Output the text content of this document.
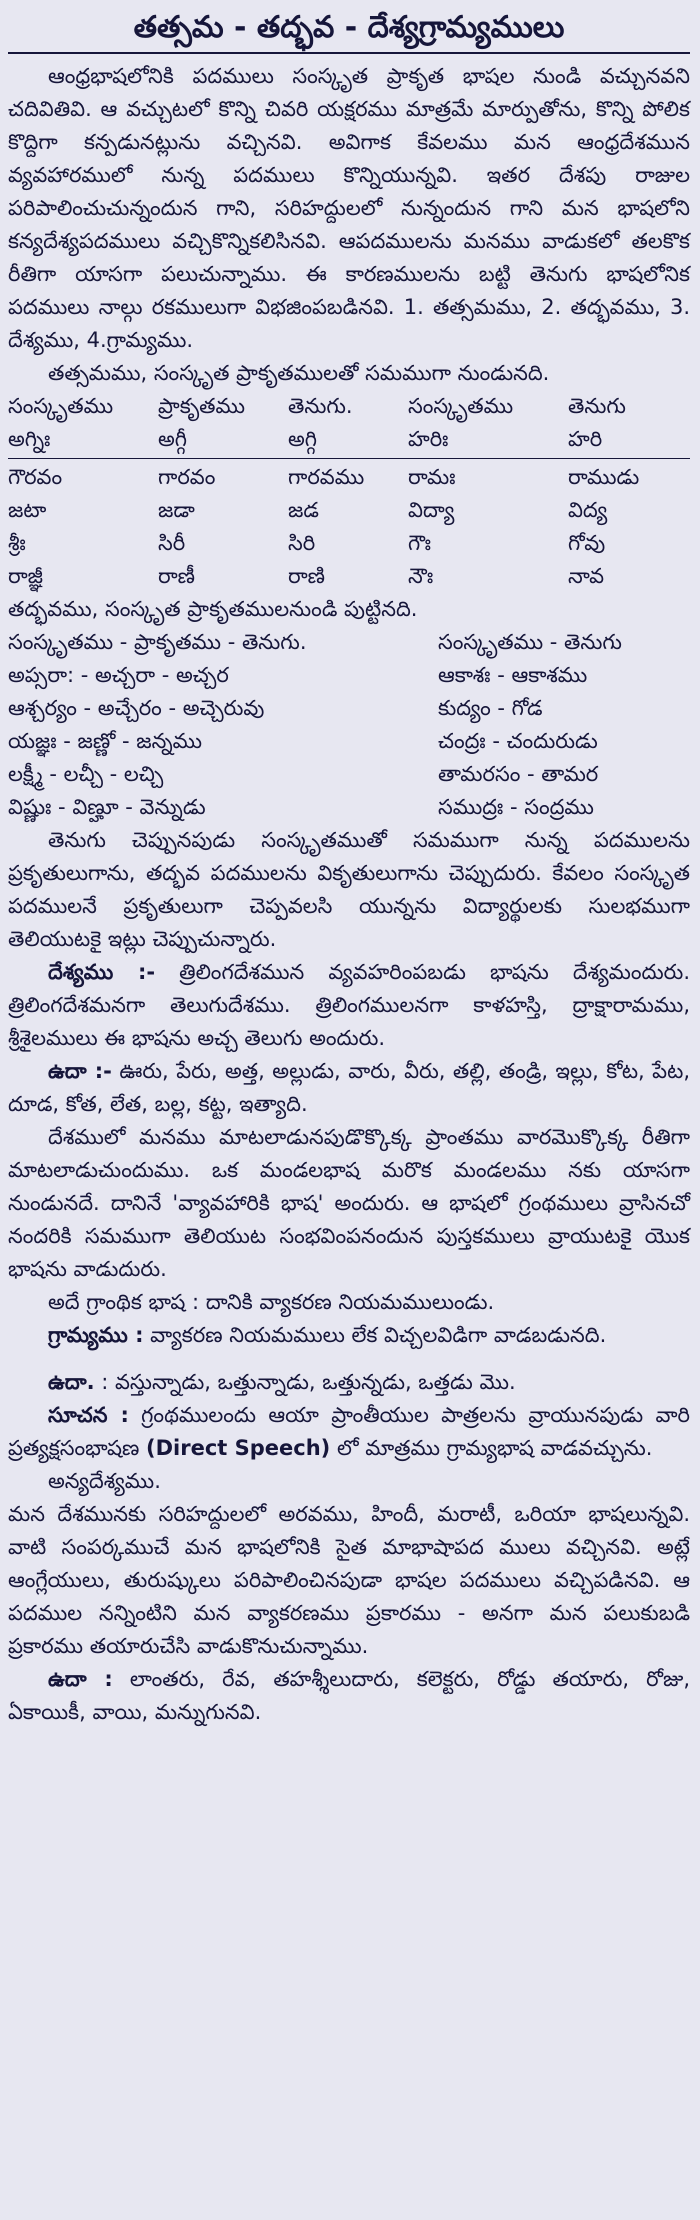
తత్సమ - తద్భవ - దేశ్యగ్రామ్యములు

ఆంధ్రభాషలోనికి పదములు సంస్కృత ప్రాకృత భాషల నుండి వచ్చునవని చదివితివి. ఆ వచ్చుటలో కొన్ని చివరి యక్షరము మాత్రమే మార్పుతోను, కొన్ని పోలిక కొద్దిగా కన్పడునట్లును వచ్చినవి. అవిగాక కేవలము మన ఆంధ్రదేశమున వ్యవహారములో నున్న పదములు కొన్నియున్నవి. ఇతర దేశపు రాజుల పరిపాలించుచున్నందున గాని, సరిహద్దులలో నున్నందున గాని మన భాషలోని కన్యదేశ్యపదములు వచ్చికొన్నికలిసినవి. ఆపదములను మనము వాడుకలో తలకొక రీతిగా యాసగా పలుచున్నాము. ఈ కారణములను బట్టి తెనుగు భాషలోనిక పదములు నాల్గు రకములుగా విభజింపబడినవి. 1. తత్సమము, 2. తద్భవము, 3. దేశ్యము, 4.గ్రామ్యము.

తత్సమము, సంస్కృత ప్రాకృతములతో సమముగా నుండునది.

సంస్కృతము	ప్రాకృతము	తెనుగు.	సంస్కృతము	తెనుగు
అగ్నిః	అగ్గీ	అగ్గి	హరిః	హరి
గౌరవం	గారవం	గారవము	రామః	రాముడు
జటా	జడా	జడ	విద్యా	విద్య
శ్రీః	సిరీ	సిరి	గౌః	గోవు
రాజ్ఞీ	రాణీ	రాణి	నౌః	నావ

తద్భవము, సంస్కృత ప్రాకృతములనుండి పుట్టినది.

సంస్కృతము - ప్రాకృతము - తెనుగు.	సంస్కృతము - తెనుగు
అప్సరా: - అచ్చరా - అచ్చర	ఆకాశః - ఆకాశము
ఆశ్చర్యం - అచ్చేరం - అచ్చెరువు	కుద్యం - గోడ
యజ్ఞః - జణ్ణో - జన్నము	చంద్రః - చందురుడు
లక్ష్మీ - లచ్చీ - లచ్చి	తామరసం - తామర
విష్ణుః - విణ్హూ - వెన్నుడు	సముద్రః - సంద్రము

తెనుగు చెప్పునపుడు సంస్కృతముతో సమముగా నున్న పదములను ప్రకృతులుగాను, తద్భవ పదములను వికృతులుగాను చెప్పుదురు. కేవలం సంస్కృత పదములనే ప్రకృతులుగా చెప్పవలసి యున్నను విద్యార్థులకు సులభముగా తెలియుటకై ఇట్లు చెప్పుచున్నారు.

దేశ్యము :- త్రిలింగదేశమున వ్యవహరింపబడు భాషను దేశ్యమందురు. త్రిలింగదేశమనగా తెలుగుదేశము. త్రిలింగములనగా కాళహస్తి, ద్రాక్షారామము, శ్రీశైలములు ఈ భాషను అచ్చ తెలుగు అందురు.

ఉదా :- ఊరు, పేరు, అత్త, అల్లుడు, వారు, వీరు, తల్లి, తండ్రి, ఇల్లు, కోట, పేట, దూడ, కోత, లేత, బల్ల, కట్ట, ఇత్యాది.

దేశములో మనము మాటలాడునపుడొక్కొక్క ప్రాంతము వారమొక్కొక్క రీతిగా మాటలాడుచుందుము. ఒక మండలభాష మరొక మండలము నకు యాసగా నుండునదే. దానినే 'వ్యావహారికి భాష' అందురు. ఆ భాషలో గ్రంథములు వ్రాసినచో నందరికి సమముగా తెలియుట సంభవింపనందున పుస్తకములు వ్రాయుటకై యొక భాషను వాడుదురు.

అదే గ్రాంథిక భాష : దానికి వ్యాకరణ నియమములుండు.

గ్రామ్యము : వ్యాకరణ నియమములు లేక విచ్చలవిడిగా వాడబడునది.

ఉదా. : వస్తున్నాడు, ఒత్తున్నాడు, ఒత్తున్నడు, ఒత్తడు మొ.

సూచన : గ్రంథములందు ఆయా ప్రాంతీయుల పాత్రలను వ్రాయునపుడు వారి ప్రత్యక్షసంభాషణ (Direct Speech) లో మాత్రము గ్రామ్యభాష వాడవచ్చును.

అన్యదేశ్యము.

మన దేశమునకు సరిహద్దులలో అరవము, హిందీ, మరాటీ, ఒరియా భాషలున్నవి. వాటి సంపర్కముచే మన భాషలోనికి సైత మాభాషాపద ములు వచ్చినవి. అట్లే ఆంగ్లేయులు, తురుష్కులు పరిపాలించినపుడా భాషల పదములు వచ్చిపడినవి. ఆ పదముల నన్నింటిని మన వ్యాకరణము ప్రకారము - అనగా మన పలుకుబడి ప్రకారము తయారుచేసి వాడుకొనుచున్నాము.

ఉదా : లాంతరు, రేవ, తహశ్శీలుదారు, కలెక్టరు, రోడ్డు తయారు, రోజు, ఏకాయికీ, వాయి, మన్నుగునవి.
